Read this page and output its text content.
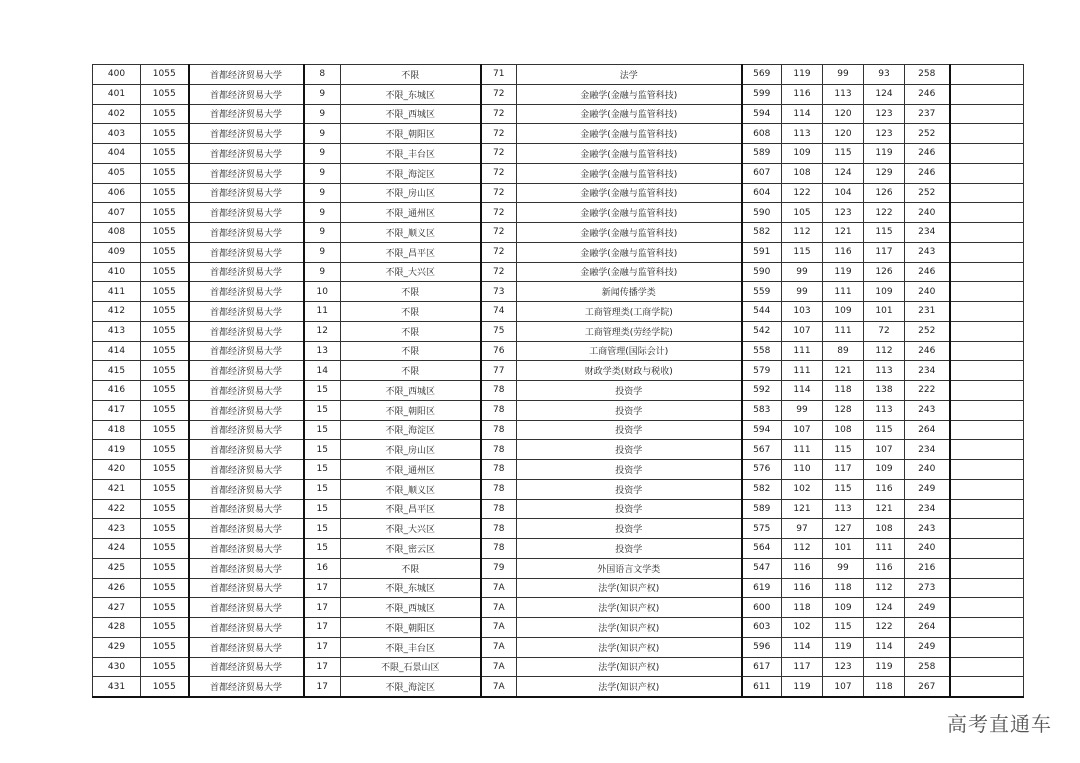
400	1055	首都经济贸易大学	8	不限	71	法学	569	119	99	93	258	
401	1055	首都经济贸易大学	9	不限_东城区	72	金融学(金融与监管科技)	599	116	113	124	246	
402	1055	首都经济贸易大学	9	不限_西城区	72	金融学(金融与监管科技)	594	114	120	123	237	
403	1055	首都经济贸易大学	9	不限_朝阳区	72	金融学(金融与监管科技)	608	113	120	123	252	
404	1055	首都经济贸易大学	9	不限_丰台区	72	金融学(金融与监管科技)	589	109	115	119	246	
405	1055	首都经济贸易大学	9	不限_海淀区	72	金融学(金融与监管科技)	607	108	124	129	246	
406	1055	首都经济贸易大学	9	不限_房山区	72	金融学(金融与监管科技)	604	122	104	126	252	
407	1055	首都经济贸易大学	9	不限_通州区	72	金融学(金融与监管科技)	590	105	123	122	240	
408	1055	首都经济贸易大学	9	不限_顺义区	72	金融学(金融与监管科技)	582	112	121	115	234	
409	1055	首都经济贸易大学	9	不限_昌平区	72	金融学(金融与监管科技)	591	115	116	117	243	
410	1055	首都经济贸易大学	9	不限_大兴区	72	金融学(金融与监管科技)	590	99	119	126	246	
411	1055	首都经济贸易大学	10	不限	73	新闻传播学类	559	99	111	109	240	
412	1055	首都经济贸易大学	11	不限	74	工商管理类(工商学院)	544	103	109	101	231	
413	1055	首都经济贸易大学	12	不限	75	工商管理类(劳经学院)	542	107	111	72	252	
414	1055	首都经济贸易大学	13	不限	76	工商管理(国际会计)	558	111	89	112	246	
415	1055	首都经济贸易大学	14	不限	77	财政学类(财政与税收)	579	111	121	113	234	
416	1055	首都经济贸易大学	15	不限_西城区	78	投资学	592	114	118	138	222	
417	1055	首都经济贸易大学	15	不限_朝阳区	78	投资学	583	99	128	113	243	
418	1055	首都经济贸易大学	15	不限_海淀区	78	投资学	594	107	108	115	264	
419	1055	首都经济贸易大学	15	不限_房山区	78	投资学	567	111	115	107	234	
420	1055	首都经济贸易大学	15	不限_通州区	78	投资学	576	110	117	109	240	
421	1055	首都经济贸易大学	15	不限_顺义区	78	投资学	582	102	115	116	249	
422	1055	首都经济贸易大学	15	不限_昌平区	78	投资学	589	121	113	121	234	
423	1055	首都经济贸易大学	15	不限_大兴区	78	投资学	575	97	127	108	243	
424	1055	首都经济贸易大学	15	不限_密云区	78	投资学	564	112	101	111	240	
425	1055	首都经济贸易大学	16	不限	79	外国语言文学类	547	116	99	116	216	
426	1055	首都经济贸易大学	17	不限_东城区	7A	法学(知识产权)	619	116	118	112	273	
427	1055	首都经济贸易大学	17	不限_西城区	7A	法学(知识产权)	600	118	109	124	249	
428	1055	首都经济贸易大学	17	不限_朝阳区	7A	法学(知识产权)	603	102	115	122	264	
429	1055	首都经济贸易大学	17	不限_丰台区	7A	法学(知识产权)	596	114	119	114	249	
430	1055	首都经济贸易大学	17	不限_石景山区	7A	法学(知识产权)	617	117	123	119	258	
431	1055	首都经济贸易大学	17	不限_海淀区	7A	法学(知识产权)	611	119	107	118	267	
高考直通车
